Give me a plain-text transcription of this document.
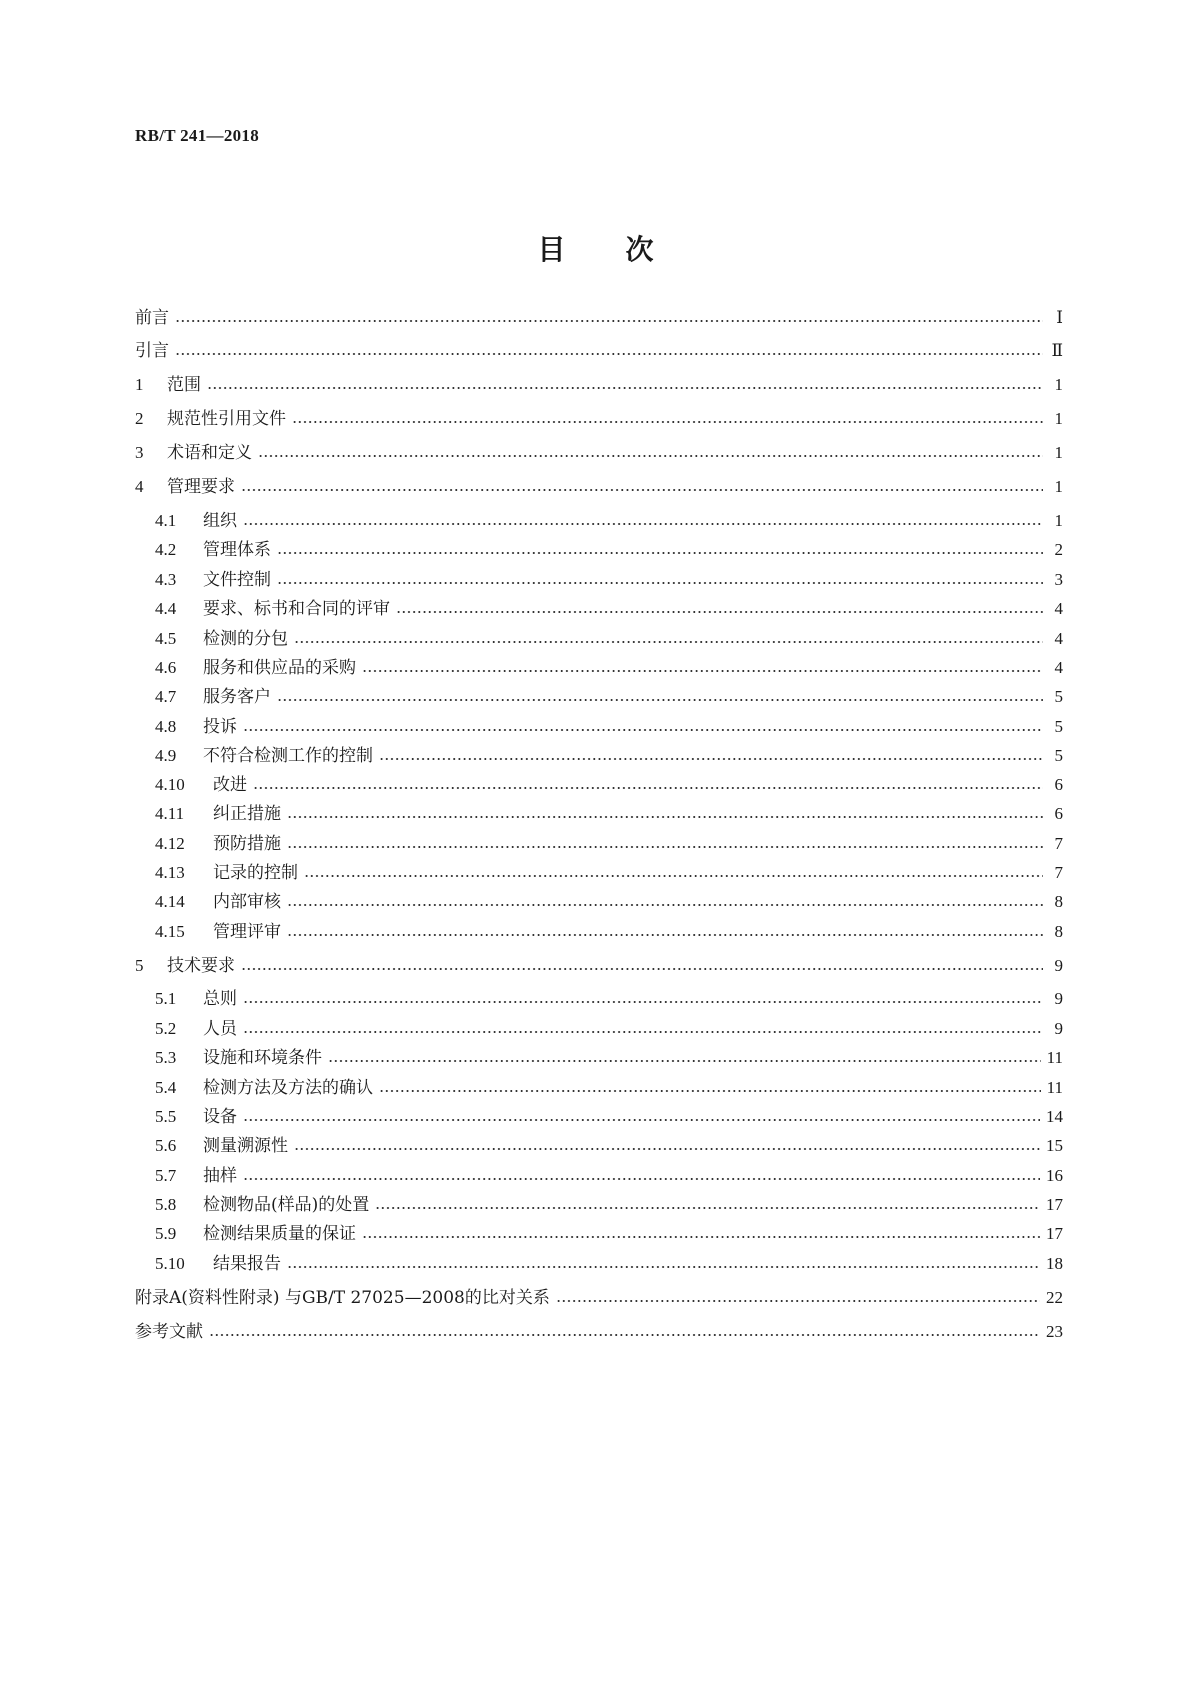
RB/T 241—2018
目次
前言	Ⅰ
引言	Ⅱ
1 范围	1
2 规范性引用文件	1
3 术语和定义	1
4 管理要求	1
4.1 组织	1
4.2 管理体系	2
4.3 文件控制	3
4.4 要求、标书和合同的评审	4
4.5 检测的分包	4
4.6 服务和供应品的采购	4
4.7 服务客户	5
4.8 投诉	5
4.9 不符合检测工作的控制	5
4.10 改进	6
4.11 纠正措施	6
4.12 预防措施	7
4.13 记录的控制	7
4.14 内部审核	8
4.15 管理评审	8
5 技术要求	9
5.1 总则	9
5.2 人员	9
5.3 设施和环境条件	11
5.4 检测方法及方法的确认	11
5.5 设备	14
5.6 测量溯源性	15
5.7 抽样	16
5.8 检测物品(样品)的处置	17
5.9 检测结果质量的保证	17
5.10 结果报告	18
附录A(资料性附录) 与GB/T 27025—2008的比对关系	22
参考文献	23
